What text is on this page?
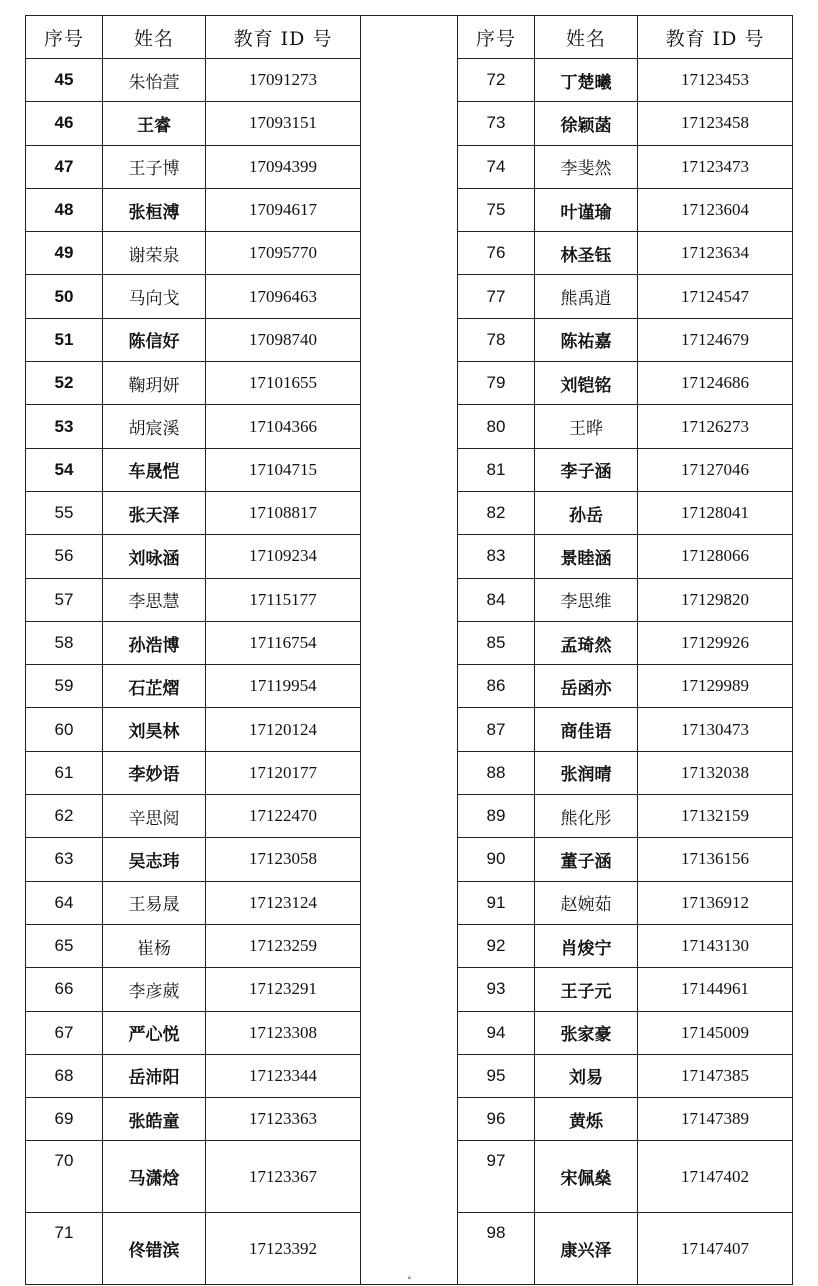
序号	姓名	教育 ID 号		序号	姓名	教育 ID 号
45	朱怡萱	17091273		72	丁楚曦	17123453
46	王睿	17093151		73	徐颖菡	17123458
47	王子博	17094399		74	李斐然	17123473
48	张桓溥	17094617		75	叶谨瑜	17123604
49	谢荣泉	17095770		76	林圣钰	17123634
50	马向戈	17096463		77	熊禹逍	17124547
51	陈信好	17098740		78	陈祐嘉	17124679
52	鞠玥妍	17101655		79	刘铠铭	17124686
53	胡宸溪	17104366		80	王晔	17126273
54	车晟恺	17104715		81	李子涵	17127046
55	张天泽	17108817		82	孙岳	17128041
56	刘咏涵	17109234		83	景睦涵	17128066
57	李思慧	17115177		84	李思维	17129820
58	孙浩博	17116754		85	孟琦然	17129926
59	石芷熠	17119954		86	岳函亦	17129989
60	刘昊林	17120124		87	商佳语	17130473
61	李妙语	17120177		88	张润晴	17132038
62	辛思阅	17122470		89	熊化彤	17132159
63	吴志玮	17123058		90	董子涵	17136156
64	王易晟	17123124		91	赵婉茹	17136912
65	崔杨	17123259		92	肖焌宁	17143130
66	李彦葳	17123291		93	王子元	17144961
67	严心悦	17123308		94	张家豪	17145009
68	岳沛阳	17123344		95	刘易	17147385
69	张皓童	17123363		96	黄烁	17147389
70	马潇焓	17123367		97	宋佩燊	17147402
71	佟错滨	17123392		98	康兴泽	17147407
°
